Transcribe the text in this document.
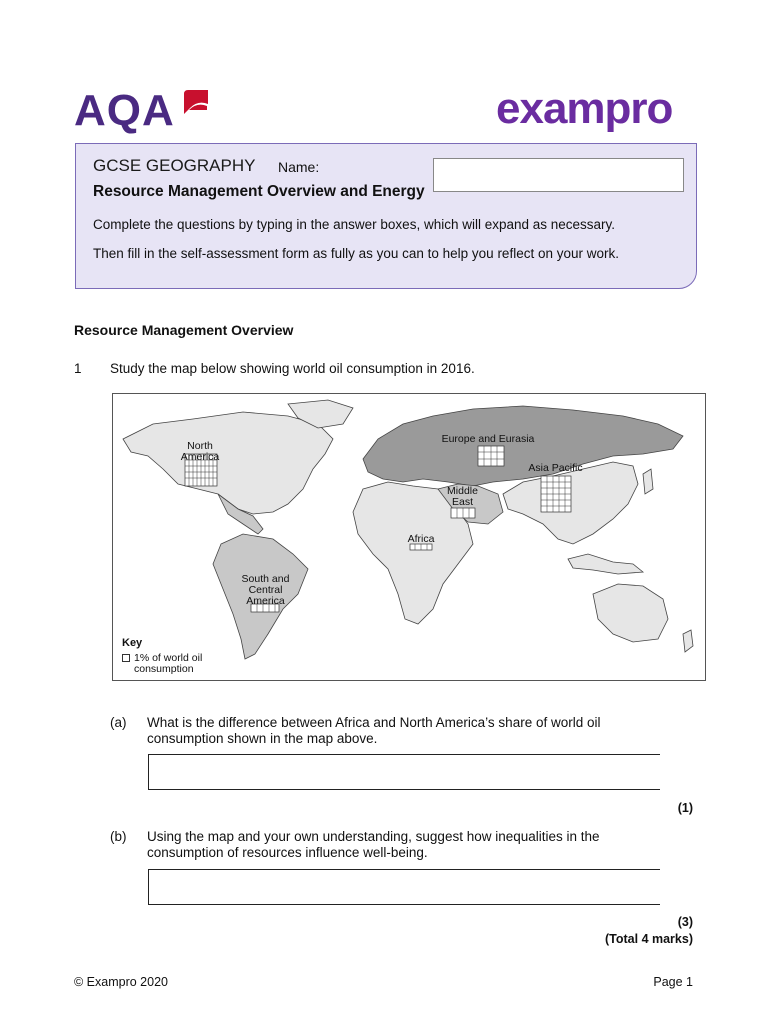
AQA	exampro
GCSE GEOGRAPHY Name:
Resource Management Overview and Energy
Complete the questions by typing in the answer boxes, which will expand as necessary.
Then fill in the self-assessment form as fully as you can to help you reflect on your work.
Resource Management Overview
1 Study the map below showing world oil consumption in 2016.
North America
Europe and Eurasia
Asia Pacific
Middle East
Africa
South and Central America
Key
1% of world oil consumption
(a) What is the difference between Africa and North America’s share of world oil consumption shown in the map above.
(1)
(b) Using the map and your own understanding, suggest how inequalities in the consumption of resources influence well-being.
(3)
(Total 4 marks)
© Exampro 2020	Page 1
